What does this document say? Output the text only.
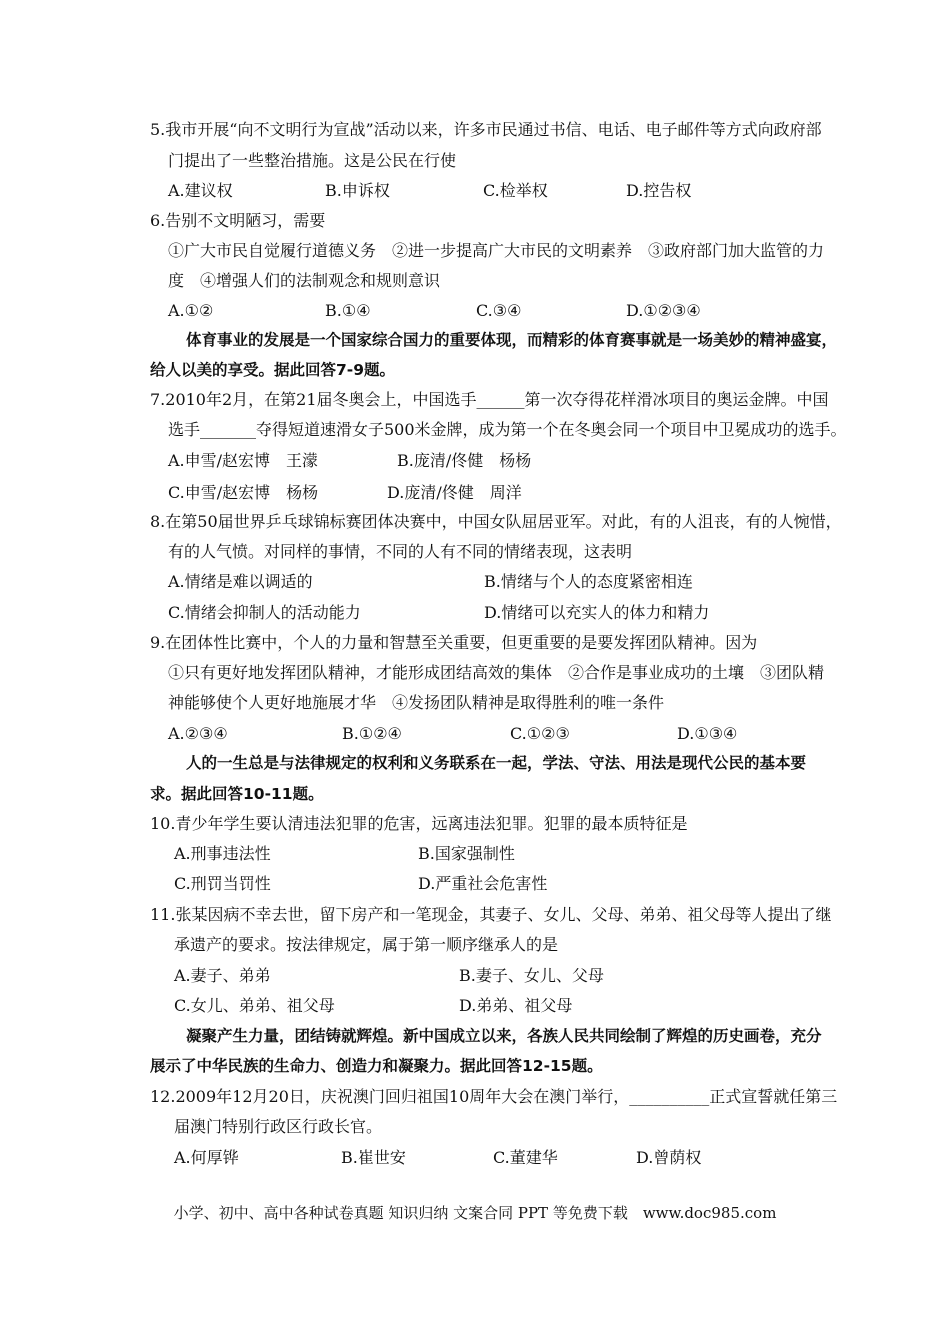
5.我市开展“向不文明行为宣战”活动以来，许多市民通过书信、电话、电子邮件等方式向政府部
门提出了一些整治措施。这是公民在行使
A.建议权	B.申诉权	C.检举权	D.控告权
6.告别不文明陋习，需要
①广大市民自觉履行道德义务　②进一步提高广大市民的文明素养　③政府部门加大监管的力
度　④增强人们的法制观念和规则意识
A.①②	B.①④	C.③④	D.①②③④
体育事业的发展是一个国家综合国力的重要体现，而精彩的体育赛事就是一场美妙的精神盛宴，
给人以美的享受。据此回答7-9题。
7.2010年2月，在第21届冬奥会上，中国选手______第一次夺得花样滑冰项目的奥运金牌。中国
选手_______夺得短道速滑女子500米金牌，成为第一个在冬奥会同一个项目中卫冕成功的选手。
A.申雪/赵宏博　王濛	B.庞清/佟健　杨杨
C.申雪/赵宏博　杨杨	D.庞清/佟健　周洋
8.在第50届世界乒乓球锦标赛团体决赛中，中国女队屈居亚军。对此，有的人沮丧，有的人惋惜，
有的人气愤。对同样的事情，不同的人有不同的情绪表现，这表明
A.情绪是难以调适的	B.情绪与个人的态度紧密相连
C.情绪会抑制人的活动能力	D.情绪可以充实人的体力和精力
9.在团体性比赛中，个人的力量和智慧至关重要，但更重要的是要发挥团队精神。因为
①只有更好地发挥团队精神，才能形成团结高效的集体　②合作是事业成功的土壤　③团队精
神能够使个人更好地施展才华　④发扬团队精神是取得胜利的唯一条件
A.②③④	B.①②④	C.①②③	D.①③④
人的一生总是与法律规定的权利和义务联系在一起，学法、守法、用法是现代公民的基本要
求。据此回答10-11题。
10.青少年学生要认清违法犯罪的危害，远离违法犯罪。犯罪的最本质特征是
A.刑事违法性	B.国家强制性
C.刑罚当罚性	D.严重社会危害性
11.张某因病不幸去世，留下房产和一笔现金，其妻子、女儿、父母、弟弟、祖父母等人提出了继
承遗产的要求。按法律规定，属于第一顺序继承人的是
A.妻子、弟弟	B.妻子、女儿、父母
C.女儿、弟弟、祖父母	D.弟弟、祖父母
凝聚产生力量，团结铸就辉煌。新中国成立以来，各族人民共同绘制了辉煌的历史画卷，充分
展示了中华民族的生命力、创造力和凝聚力。据此回答12-15题。
12.2009年12月20日，庆祝澳门回归祖国10周年大会在澳门举行，__________正式宣誓就任第三
届澳门特别行政区行政长官。
A.何厚铧	B.崔世安	C.董建华	D.曾荫权
小学、初中、高中各种试卷真题 知识归纳 文案合同 PPT 等免费下载　www.doc985.com
